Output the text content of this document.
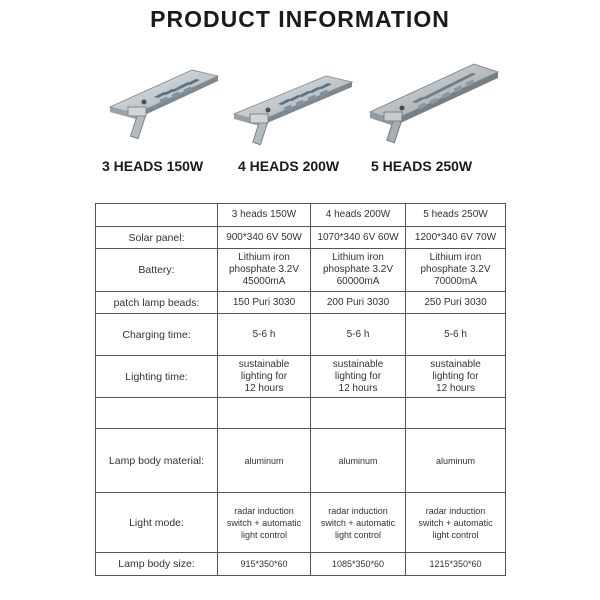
PRODUCT INFORMATION
3 HEADS 150W 4 HEADS 200W 5 HEADS 250W
	3 heads 150W	4 heads 200W	5 heads 250W
Solar panel:	900*340 6V 50W	1070*340 6V 60W	1200*340 6V 70W
Battery:	Lithium iron
phosphate 3.2V
45000mA	Lithium iron
phosphate 3.2V
60000mA	Lithium iron
phosphate 3.2V
70000mA
patch lamp beads:	150 Puri 3030	200 Puri 3030	250 Puri 3030
Charging time:	5-6 h	5-6 h	5-6 h
Lighting time:	sustainable
lighting for
12 hours	sustainable
lighting for
12 hours	sustainable
lighting for
12 hours

Lamp body material:	aluminum	aluminum	aluminum
Light mode:	radar induction
switch + automatic
light control	radar induction
switch + automatic
light control	radar induction
switch + automatic
light control
Lamp body size:	915*350*60	1085*350*60	1215*350*60
